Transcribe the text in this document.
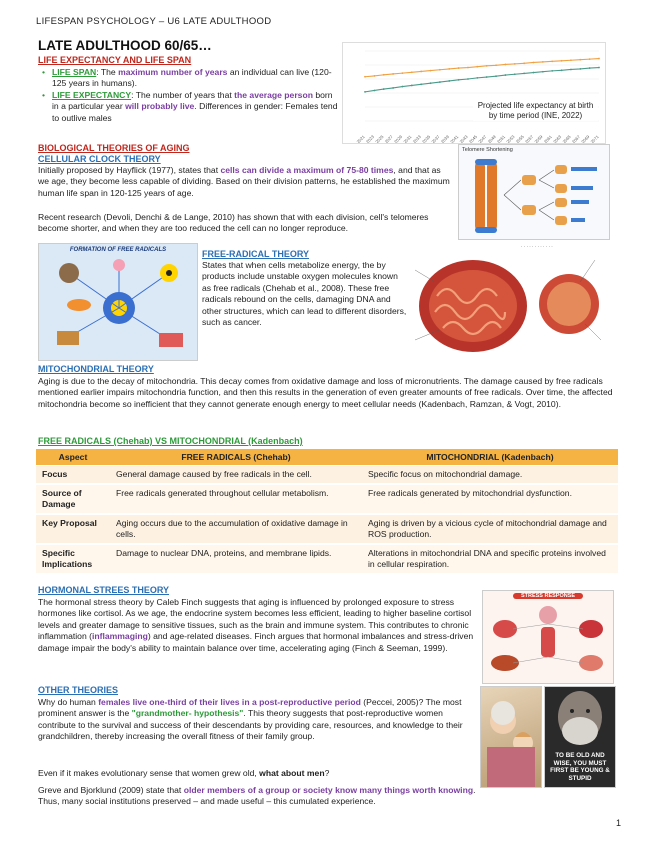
LIFESPAN PSYCHOLOGY – U6 LATE ADULTHOOD
LATE ADULTHOOD 60/65…
LIFE EXPECTANCY AND LIFE SPAN
• LIFE SPAN: The maximum number of years an individual can live (120-125 years in humans).
• LIFE EXPECTANCY: The number of years that the average person born in a particular year will probably live. Differences in gender: Females tend to outlive males
2021 2023 2025 2027 2029 2031 2033 2035 2037 2039 2041 2043 2045 2047 2049 2051 2053 2055 2057 2059 2061 2063 2065 2067 2069 2071
Projected life expectancy at birth by time period (INE, 2022)
BIOLOGICAL THEORIES OF AGING
CELLULAR CLOCK THEORY
Initially proposed by Hayflick (1977), states that cells can divide a maximum of 75-80 times, and that as we age, they become less capable of dividing. Based on their division patterns, he established the maximum human life span in 120-125 years of age.
Recent research (Devoli, Denchi & de Lange, 2010) has shown that with each division, cell's telomeres become shorter, and when they are too reduced the cell can no longer reproduce.
Telomere Shortening
FORMATION OF FREE RADICALS	FREE-RADICAL THEORY
States that when cells metabolize energy, the by products include unstable oxygen molecules known as free radicals (Chehab et al., 2008). These free radicals rebound on the cells, damaging DNA and other structures, which can lead to different disorders, such as cancer.
· · · · · · · · · · · ·
MITOCHONDRIAL THEORY
Aging is due to the decay of mitochondria. This decay comes from oxidative damage and loss of micronutrients. The damage caused by free radicals mentioned earlier impairs mitochondria function, and then this results in the generation of even greater amounts of free radicals. Over time, the affected mitochondria become so inefficient that they cannot generate enough energy to meet cellular needs (Kadenbach, Ramzan, & Vogt, 2010).
FREE RADICALS (Chehab) VS MITOCHONDRIAL (Kadenbach)
Aspect	FREE RADICALS (Chehab)	MITOCHONDRIAL (Kadenbach)
Focus	General damage caused by free radicals in the cell.	Specific focus on mitochondrial damage.
Source of Damage	Free radicals generated throughout cellular metabolism.	Free radicals generated by mitochondrial dysfunction.
Key Proposal	Aging occurs due to the accumulation of oxidative damage in cells.	Aging is driven by a vicious cycle of mitochondrial damage and ROS production.
Specific Implications	Damage to nuclear DNA, proteins, and membrane lipids.	Alterations in mitochondrial DNA and specific proteins involved in cellular respiration.
HORMONAL STREES THEORY
The hormonal stress theory by Caleb Finch suggests that aging is influenced by prolonged exposure to stress hormones like cortisol. As we age, the endocrine system becomes less efficient, leading to higher baseline cortisol levels and greater damage to sensitive tissues, such as the brain and immune system. This contributes to chronic inflammation (inflammaging) and age-related diseases. Finch argues that hormonal imbalances and stress-driven damage impair the body's ability to maintain balance over time, accelerating aging (Finch & Seeman, 1999).
STRESS RESPONSE
OTHER THEORIES
Why do human females live one-third of their lives in a post-reproductive period (Peccei, 2005)? The most prominent answer is the "grandmother- hypothesis". This theory suggests that post-reproductive women contribute to the survival and success of their descendants by providing care, resources, and knowledge to their grandchildren, thereby increasing the overall fitness of their family group.
Even if it makes evolutionary sense that women grew old, what about men?
Greve and Bjorklund (2009) state that older members of a group or society know many things worth knowing. Thus, many social institutions preserved – and made useful – this cumulated experience.
TO BE OLD AND WISE, YOU MUST FIRST BE YOUNG & STUPID
1
